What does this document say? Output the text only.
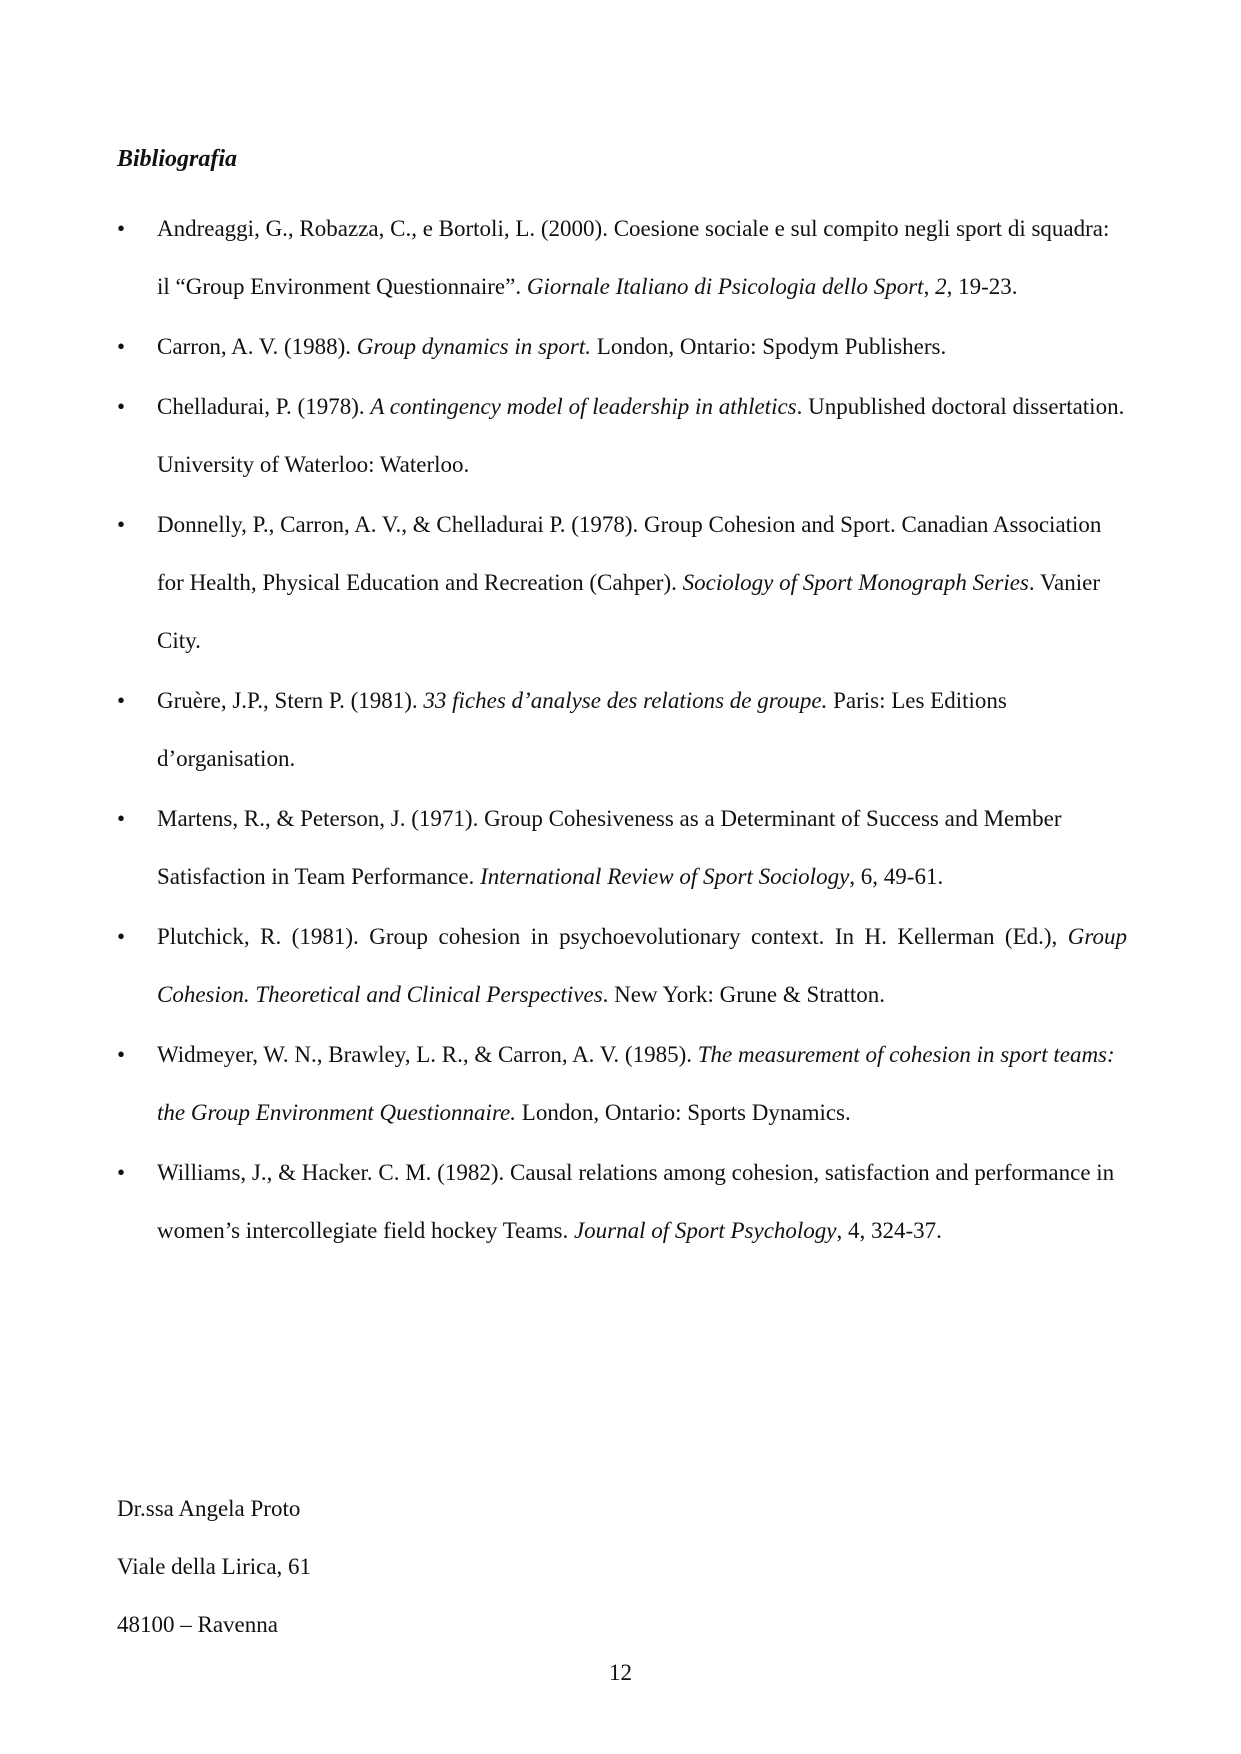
Bibliografia
•	Andreaggi, G., Robazza, C., e Bortoli, L. (2000). Coesione sociale e sul compito negli sport di squadra: il “Group Environment Questionnaire”. Giornale Italiano di Psicologia dello Sport, 2, 19-23.
•	Carron, A. V. (1988). Group dynamics in sport. London, Ontario: Spodym Publishers.
•	Chelladurai, P. (1978). A contingency model of leadership in athletics. Unpublished doctoral dissertation. University of Waterloo: Waterloo.
•	Donnelly, P., Carron, A. V., & Chelladurai P. (1978). Group Cohesion and Sport. Canadian Association for Health, Physical Education and Recreation (Cahper). Sociology of Sport Monograph Series. Vanier City.
•	Gruère, J.P., Stern P. (1981). 33 fiches d’analyse des relations de groupe. Paris: Les Editions d’organisation.
•	Martens, R., & Peterson, J. (1971). Group Cohesiveness as a Determinant of Success and Member Satisfaction in Team Performance. International Review of Sport Sociology, 6, 49-61.
•	Plutchick, R. (1981). Group cohesion in psychoevolutionary context. In H. Kellerman (Ed.), Group Cohesion. Theoretical and Clinical Perspectives. New York: Grune & Stratton.
•	Widmeyer, W. N., Brawley, L. R., & Carron, A. V. (1985). The measurement of cohesion in sport teams: the Group Environment Questionnaire. London, Ontario: Sports Dynamics.
•	Williams, J., & Hacker. C. M. (1982). Causal relations among cohesion, satisfaction and performance in women’s intercollegiate field hockey Teams. Journal of Sport Psychology, 4, 324-37.
Dr.ssa Angela Proto
Viale della Lirica, 61
48100 – Ravenna
12
